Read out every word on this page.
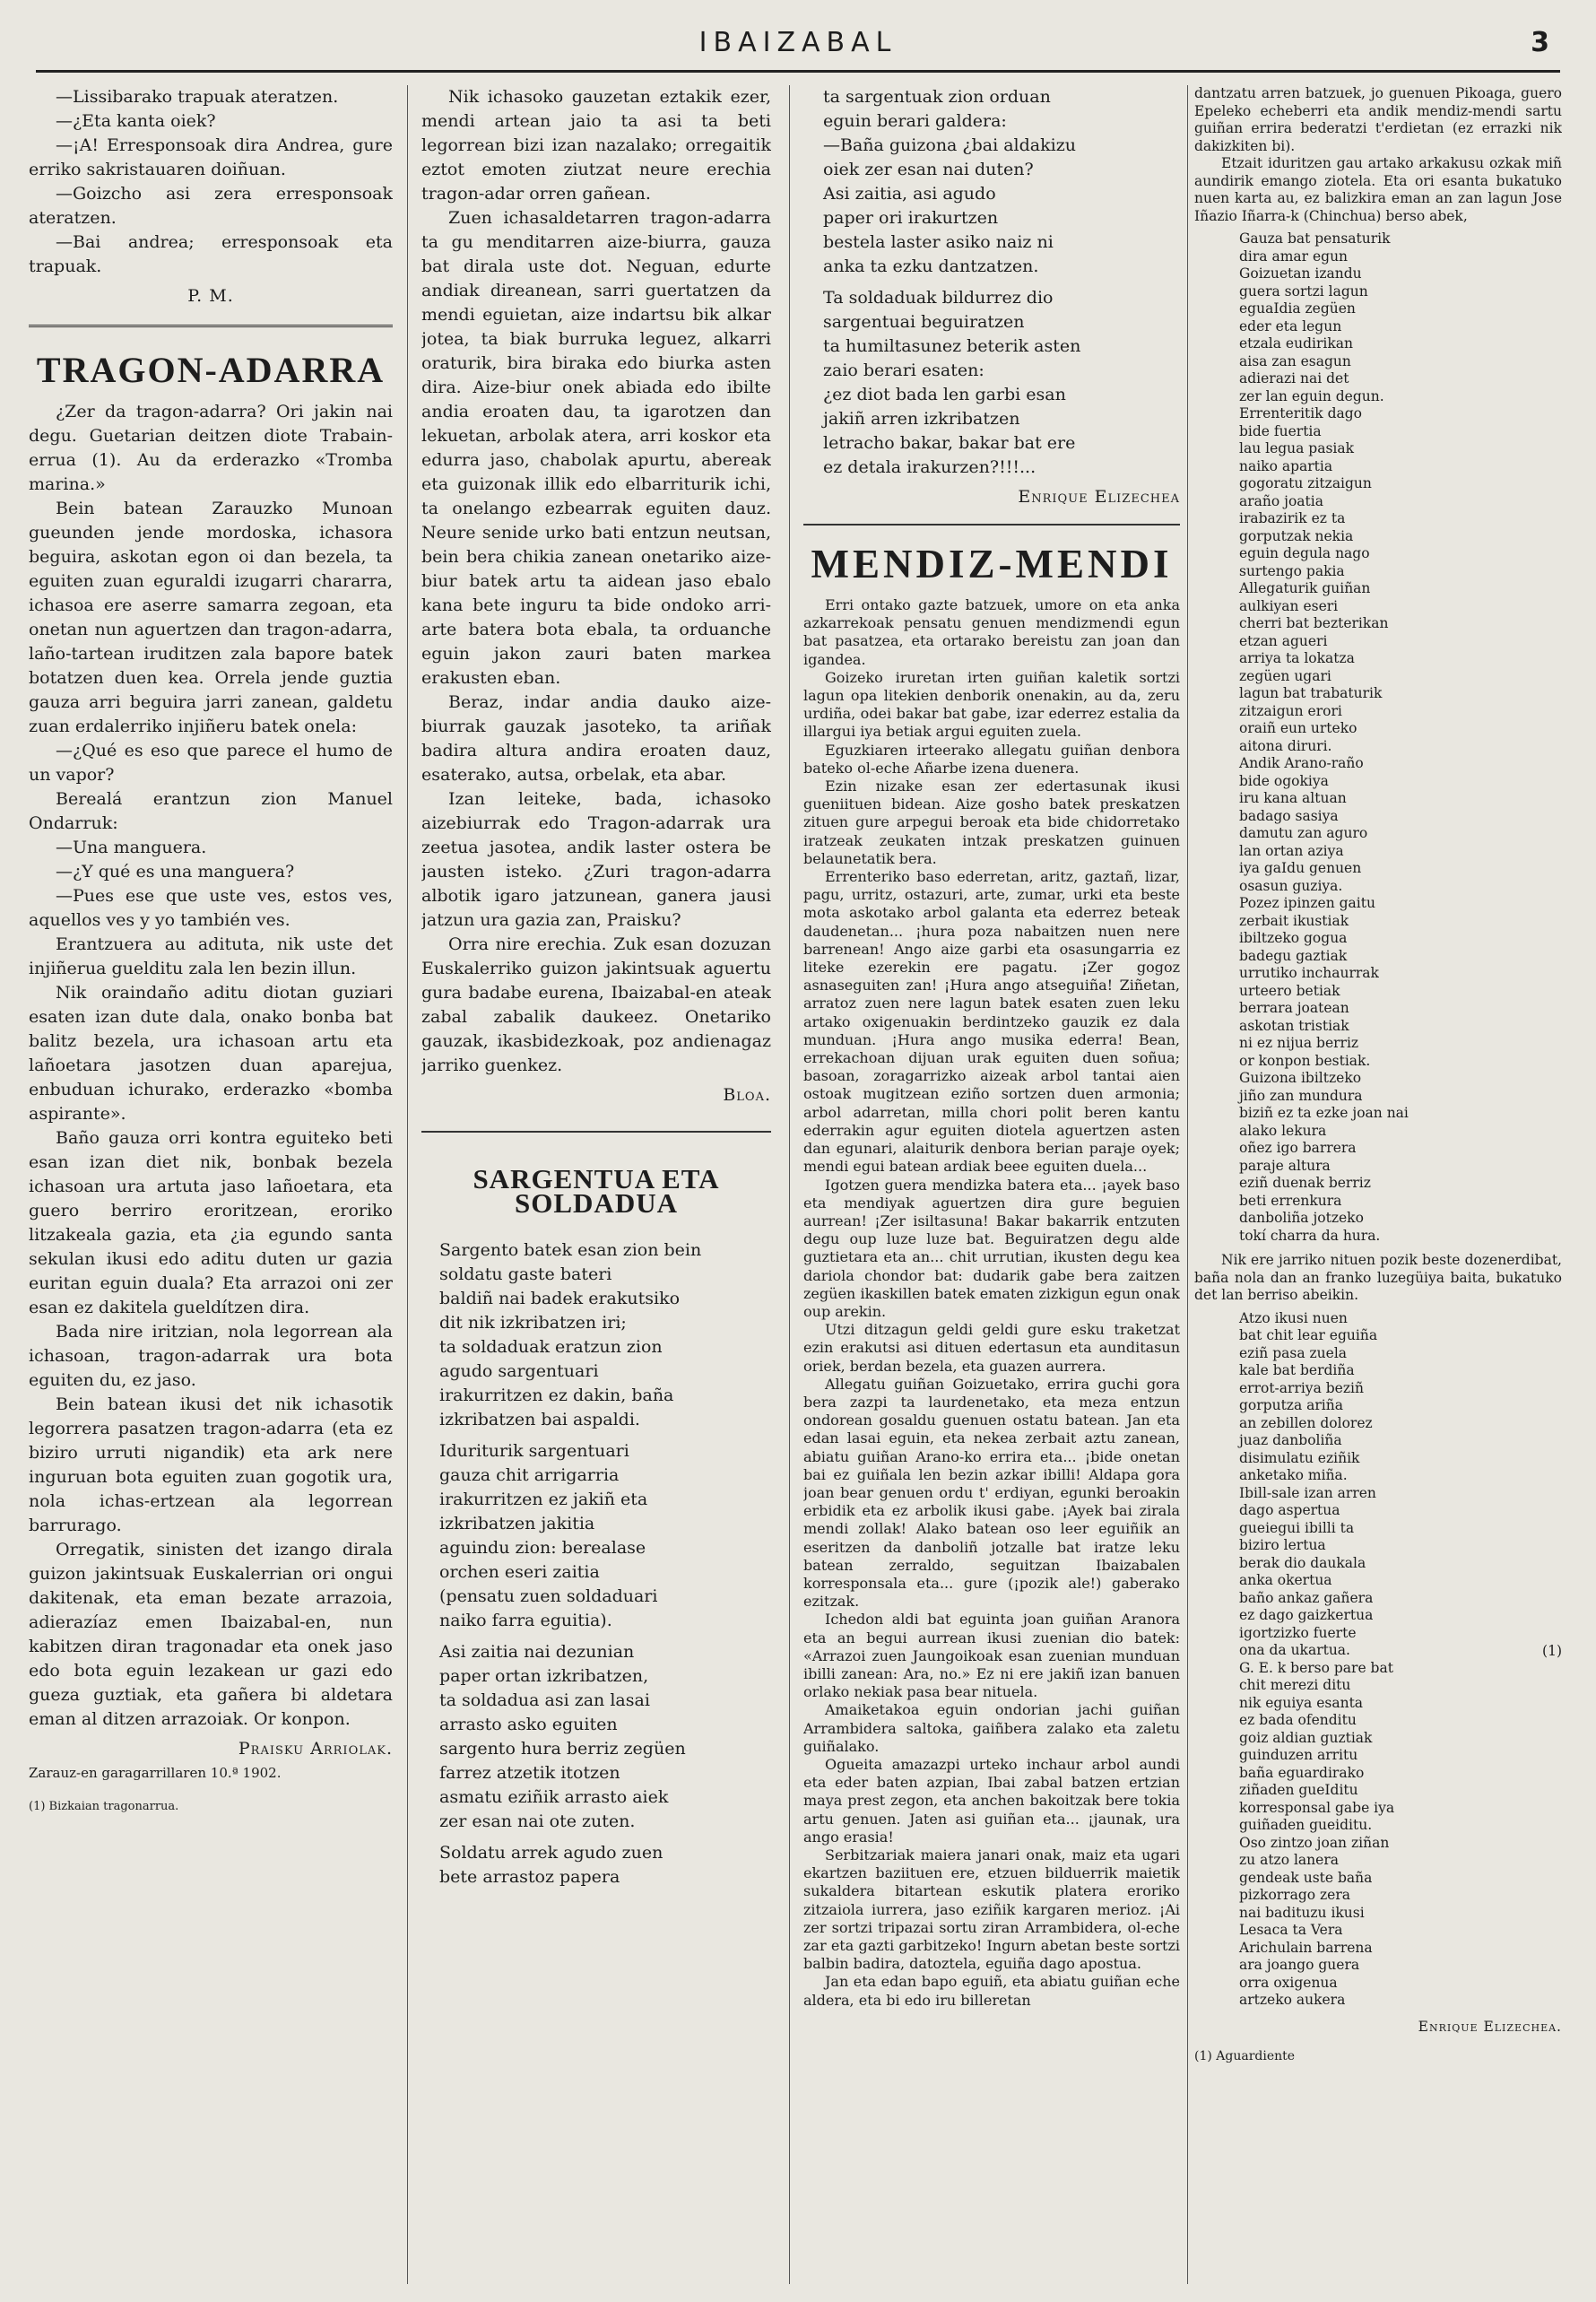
IBAIZABAL	3

—Lissibarako trapuak ateratzen.

—¿Eta kanta oiek?

—¡A! Erresponsoak dira Andrea, gure erriko sakristauaren doiñuan.

—Goizcho asi zera erresponsoak ateratzen.

—Bai andrea; erresponsoak eta trapuak.

P. M.
TRAGON-ADARRA

¿Zer da tragon-adarra? Ori jakin nai degu. Guetarian deitzen diote Trabain-errua (1). Au da erderazko «Tromba marina.»

Bein batean Zarauzko Munoan gueunden jende mordoska, ichasora beguira, askotan egon oi dan bezela, ta eguiten zuan eguraldi izugarri chararra, ichasoa ere aserre samarra zegoan, eta onetan nun aguertzen dan tragon-adarra, laño-tartean iruditzen zala bapore batek botatzen duen kea. Orrela jende guztia gauza arri beguira jarri zanean, galdetu zuan erdalerriko injiñeru batek onela:

—¿Qué es eso que parece el humo de un vapor?

Berealá erantzun zion Manuel Ondarruk:

—Una manguera.

—¿Y qué es una manguera?

—Pues ese que uste ves, estos ves, aquellos ves y yo también ves.

Erantzuera au adituta, nik uste det injiñerua guelditu zala len bezin illun.

Nik oraindaño aditu diotan guziari esaten izan dute dala, onako bonba bat balitz bezela, ura ichasoan artu eta lañoetara jasotzen duan aparejua, enbuduan ichurako, erderazko «bomba aspirante».

Baño gauza orri kontra eguiteko beti esan izan diet nik, bonbak bezela ichasoan ura artuta jaso lañoetara, eta guero berriro eroritzean, eroriko litzakeala gazia, eta ¿ia egundo santa sekulan ikusi edo aditu duten ur gazia euritan eguin duala? Eta arrazoi oni zer esan ez dakitela gueldítzen dira.

Bada nire iritzian, nola legorrean ala ichasoan, tragon-adarrak ura bota eguiten du, ez jaso.

Bein batean ikusi det nik ichasotik legorrera pasatzen tragon-adarra (eta ez biziro urruti nigandik) eta ark nere inguruan bota eguiten zuan gogotik ura, nola ichas-ertzean ala legorrean barrurago.

Orregatik, sinisten det izango dirala guizon jakintsuak Euskalerrian ori ongui dakitenak, eta eman bezate arrazoia, adierazíaz emen Ibaizabal-en, nun kabitzen diran tragonadar eta onek jaso edo bota eguin lezakean ur gazi edo gueza guztiak, eta gañera bi aldetara eman al ditzen arrazoiak. Or konpon.

Praisku Arriolak.

Zarauz-en garagarrillaren 10.ª 1902.

(1) Bizkaian tragonarrua.

Nik ichasoko gauzetan eztakik ezer, mendi artean jaio ta asi ta beti legorrean bizi izan nazalako; orregaitik eztot emoten ziutzat neure erechia tragon-adar orren gañean.

Zuen ichasaldetarren tragon-adarra ta gu menditarren aize-biurra, gauza bat dirala uste dot. Neguan, edurte andiak direanean, sarri guertatzen da mendi eguietan, aize indartsu bik alkar jotea, ta biak burruka leguez, alkarri oraturik, bira biraka edo biurka asten dira. Aize-biur onek abiada edo ibilte andia eroaten dau, ta igarotzen dan lekuetan, arbolak atera, arri koskor eta edurra jaso, chabolak apurtu, abereak eta guizonak illik edo elbarriturik ichi, ta onelango ezbearrak eguiten dauz. Neure senide urko bati entzun neutsan, bein bera chikia zanean onetariko aize-biur batek artu ta aidean jaso ebalo kana bete inguru ta bide ondoko arri-arte batera bota ebala, ta orduanche eguin jakon zauri baten markea erakusten eban.

Beraz, indar andia dauko aize-biurrak gauzak jasoteko, ta ariñak badira altura andira eroaten dauz, esaterako, autsa, orbelak, eta abar.

Izan leiteke, bada, ichasoko aizebiurrak edo Tragon-adarrak ura zeetua jasotea, andik laster ostera be jausten isteko. ¿Zuri tragon-adarra albotik igaro jatzunean, ganera jausi jatzun ura gazia zan, Praisku?

Orra nire erechia. Zuk esan dozuzan Euskalerriko guizon jakintsuak aguertu gura badabe eurena, Ibaizabal-en ateak zabal zabalik daukeez. Onetariko gauzak, ikasbidezkoak, poz andienagaz jarriko guenkez.

Bloa.
SARGENTUA ETA SOLDADUA

Sargento batek esan zion bein

soldatu gaste bateri

baldiñ nai badek erakutsiko

dit nik izkribatzen iri;

ta soldaduak eratzun zion

agudo sargentuari

irakurritzen ez dakin, baña

izkribatzen bai aspaldi.

Iduriturik sargentuari

gauza chit arrigarria

irakurritzen ez jakiñ eta

izkribatzen jakitia

aguindu zion: berealase

orchen eseri zaitia

(pensatu zuen soldaduari

naiko farra eguitia).

Asi zaitia nai dezunian

paper ortan izkribatzen,

ta soldadua asi zan lasai

arrasto asko eguiten

sargento hura berriz zegüen

farrez atzetik itotzen

asmatu eziñik arrasto aiek

zer esan nai ote zuten.

Soldatu arrek agudo zuen

bete arrastoz papera

ta sargentuak zion orduan

eguin berari galdera:

—Baña guizona ¿bai aldakizu

oiek zer esan nai duten?

Asi zaitia, asi agudo

paper ori irakurtzen

bestela laster asiko naiz ni

anka ta ezku dantzatzen.

Ta soldaduak bildurrez dio

sargentuai beguiratzen

ta humiltasunez beterik asten

zaio berari esaten:

¿ez diot bada len garbi esan

jakiñ arren izkribatzen

letracho bakar, bakar bat ere

ez detala irakurzen?!!!...

Enrique Elizechea
MENDIZ-MENDI

Erri ontako gazte batzuek, umore on eta anka azkarrekoak pensatu genuen mendizmendi egun bat pasatzea, eta ortarako bereistu zan joan dan igandea.

Goizeko iruretan irten guiñan kaletik sortzi lagun opa litekien denborik onenakin, au da, zeru urdiña, odei bakar bat gabe, izar ederrez estalia da illargui iya betiak argui eguiten zuela.

Eguzkiaren irteerako allegatu guiñan denbora bateko ol-eche Añarbe izena duenera.

Ezin nizake esan zer edertasunak ikusi gueniituen bidean. Aize gosho batek preskatzen zituen gure arpegui beroak eta bide chidorretako iratzeak zeukaten intzak preskatzen guinuen belaunetatik bera.

Errenteriko baso ederretan, aritz, gaztañ, lizar, pagu, urritz, ostazuri, arte, zumar, urki eta beste mota askotako arbol galanta eta ederrez beteak daudenetan... ¡hura poza nabaitzen nuen nere barrenean! Ango aize garbi eta osasungarria ez liteke ezerekin ere pagatu. ¡Zer gogoz asnaseguiten zan! ¡Hura ango atseguiña! Ziñetan, arratoz zuen nere lagun batek esaten zuen leku artako oxigenuakin berdintzeko gauzik ez dala munduan. ¡Hura ango musika ederra! Bean, errekachoan dijuan urak eguiten duen soñua; basoan, zoragarrizko aizeak arbol tantai aien ostoak mugitzean eziño sortzen duen armonia; arbol adarretan, milla chori polit beren kantu ederrakin agur eguiten diotela aguertzen asten dan egunari, alaiturik denbora berian paraje oyek; mendi egui batean ardiak beee eguiten duela...

Igotzen guera mendizka batera eta... ¡ayek baso eta mendiyak aguertzen dira gure beguien aurrean! ¡Zer isiltasuna! Bakar bakarrik entzuten degu oup luze luze bat. Beguiratzen degu alde guztietara eta an... chit urrutian, ikusten degu kea dariola chondor bat: dudarik gabe bera zaitzen zegüen ikaskillen batek ematen zizkigun egun onak oup arekin.

Utzi ditzagun geldi geldi gure esku traketzat ezin erakutsi asi dituen edertasun eta aunditasun oriek, berdan bezela, eta guazen aurrera.

Allegatu guiñan Goizuetako, errira guchi gora bera zazpi ta laurdenetako, eta meza entzun ondorean gosaldu guenuen ostatu batean. Jan eta edan lasai eguin, eta nekea zerbait aztu zanean, abiatu guiñan Arano-ko errira eta... ¡bide onetan bai ez guiñala len bezin azkar ibilli! Aldapa gora joan bear genuen ordu t' erdiyan, egunki beroakin erbidik eta ez arbolik ikusi gabe. ¡Ayek bai zirala mendi zollak! Alako batean oso leer eguiñik an eseritzen da danboliñ jotzalle bat iratze leku batean zerraldo, seguitzan Ibaizabalen korresponsala eta... gure (¡pozik ale!) gaberako ezitzak.

Ichedon aldi bat eguinta joan guiñan Aranora eta an begui aurrean ikusi zuenian dio batek: «Arrazoi zuen Jaungoikoak esan zuenian munduan ibilli zanean: Ara, no.» Ez ni ere jakiñ izan banuen orlako nekiak pasa bear nituela.

Amaiketakoa eguin ondorian jachi guiñan Arrambidera saltoka, gaiñbera zalako eta zaletu guiñalako.

Ogueita amazazpi urteko inchaur arbol aundi eta eder baten azpian, Ibai zabal batzen ertzian maya prest zegon, eta anchen bakoitzak bere tokia artu genuen. Jaten asi guiñan eta... ¡jaunak, ura ango erasia!

Serbitzariak maiera janari onak, maiz eta ugari ekartzen baziituen ere, etzuen bilduerrik maietik sukaldera bitartean eskutik platera eroriko zitzaiola iurrera, jaso eziñik kargaren merioz. ¡Ai zer sortzi tripazai sortu ziran Arrambidera, ol-eche zar eta gazti garbitzeko! Ingurn abetan beste sortzi balbin badira, datoztela, eguiña dago apostua.

Jan eta edan bapo eguiñ, eta abiatu guiñan eche aldera, eta bi edo iru billeretan

dantzatu arren batzuek, jo guenuen Pikoaga, guero Epeleko echeberri eta andik mendiz-mendi sartu guiñan errira bederatzi t'erdietan (ez errazki nik dakizkiten bi).

Etzait iduritzen gau artako arkakusu ozkak miñ aundirik emango ziotela. Eta ori esanta bukatuko nuen karta au, ez balizkira eman an zan lagun Jose Iñazio Iñarra-k (Chinchua) berso abek,

Gauza bat pensaturik

dira amar egun

Goizuetan izandu

guera sortzi lagun

eguaIdia zegüen

eder eta legun

etzala eudirikan

aisa zan esagun

adierazi nai det

zer lan eguin degun.

Errenteritik dago

bide fuertia

lau legua pasiak

naiko apartia

gogoratu zitzaigun

araño joatia

irabazirik ez ta

gorputzak nekia

eguin degula nago

surtengo pakia

Allegaturik guiñan

aulkiyan eseri

cherri bat bezterikan

etzan agueri

arriya ta lokatza

zegüen ugari

lagun bat trabaturik

zitzaigun erori

oraiñ eun urteko

aitona diruri.

Andik Arano-raño

bide ogokiya

iru kana altuan

badago sasiya

damutu zan aguro

lan ortan aziya

iya gaIdu genuen

osasun guziya.

Pozez ipinzen gaitu

zerbait ikustiak

ibiltzeko gogua

badegu gaztiak

urrutiko inchaurrak

urteero betiak

berrara joatean

askotan tristiak

ni ez nijua berriz

or konpon bestiak.

Guizona ibiltzeko

jiño zan mundura

biziñ ez ta ezke joan nai

alako lekura

oñez igo barrera

paraje altura

eziñ duenak berriz

beti errenkura

danboliña jotzeko

tokí charra da hura.

Nik ere jarriko nituen pozik beste dozenerdibat, baña nola dan an franko luzegüiya baita, bukatuko det lan berriso abeikin.

Atzo ikusi nuen

bat chit lear eguiña

eziñ pasa zuela

kale bat berdiña

errot-arriya beziñ

gorputza ariña

an zebillen dolorez

juaz danboliña

disimulatu eziñik

anketako miña.

Ibill-sale izan arren

dago aspertua

gueiegui ibilli ta

biziro lertua

berak dio daukala

anka okertua

baño ankaz gañera

ez dago gaizkertua

igortzizko fuerte

ona da ukartua.	(1)

G. E. k berso pare bat

chit merezi ditu

nik eguiya esanta

ez bada ofenditu

goiz aldian guztiak

guinduzen arritu

baña eguardirako

ziñaden gueIditu

korresponsal gabe iya

guiñaden gueiditu.

Oso zintzo joan ziñan

zu atzo lanera

gendeak uste baña

pizkorrago zera

nai badituzu ikusi

Lesaca ta Vera

Arichulain barrena

ara joango guera

orra oxigenua

artzeko aukera

Enrique Elizechea.
(1) Aguardiente
